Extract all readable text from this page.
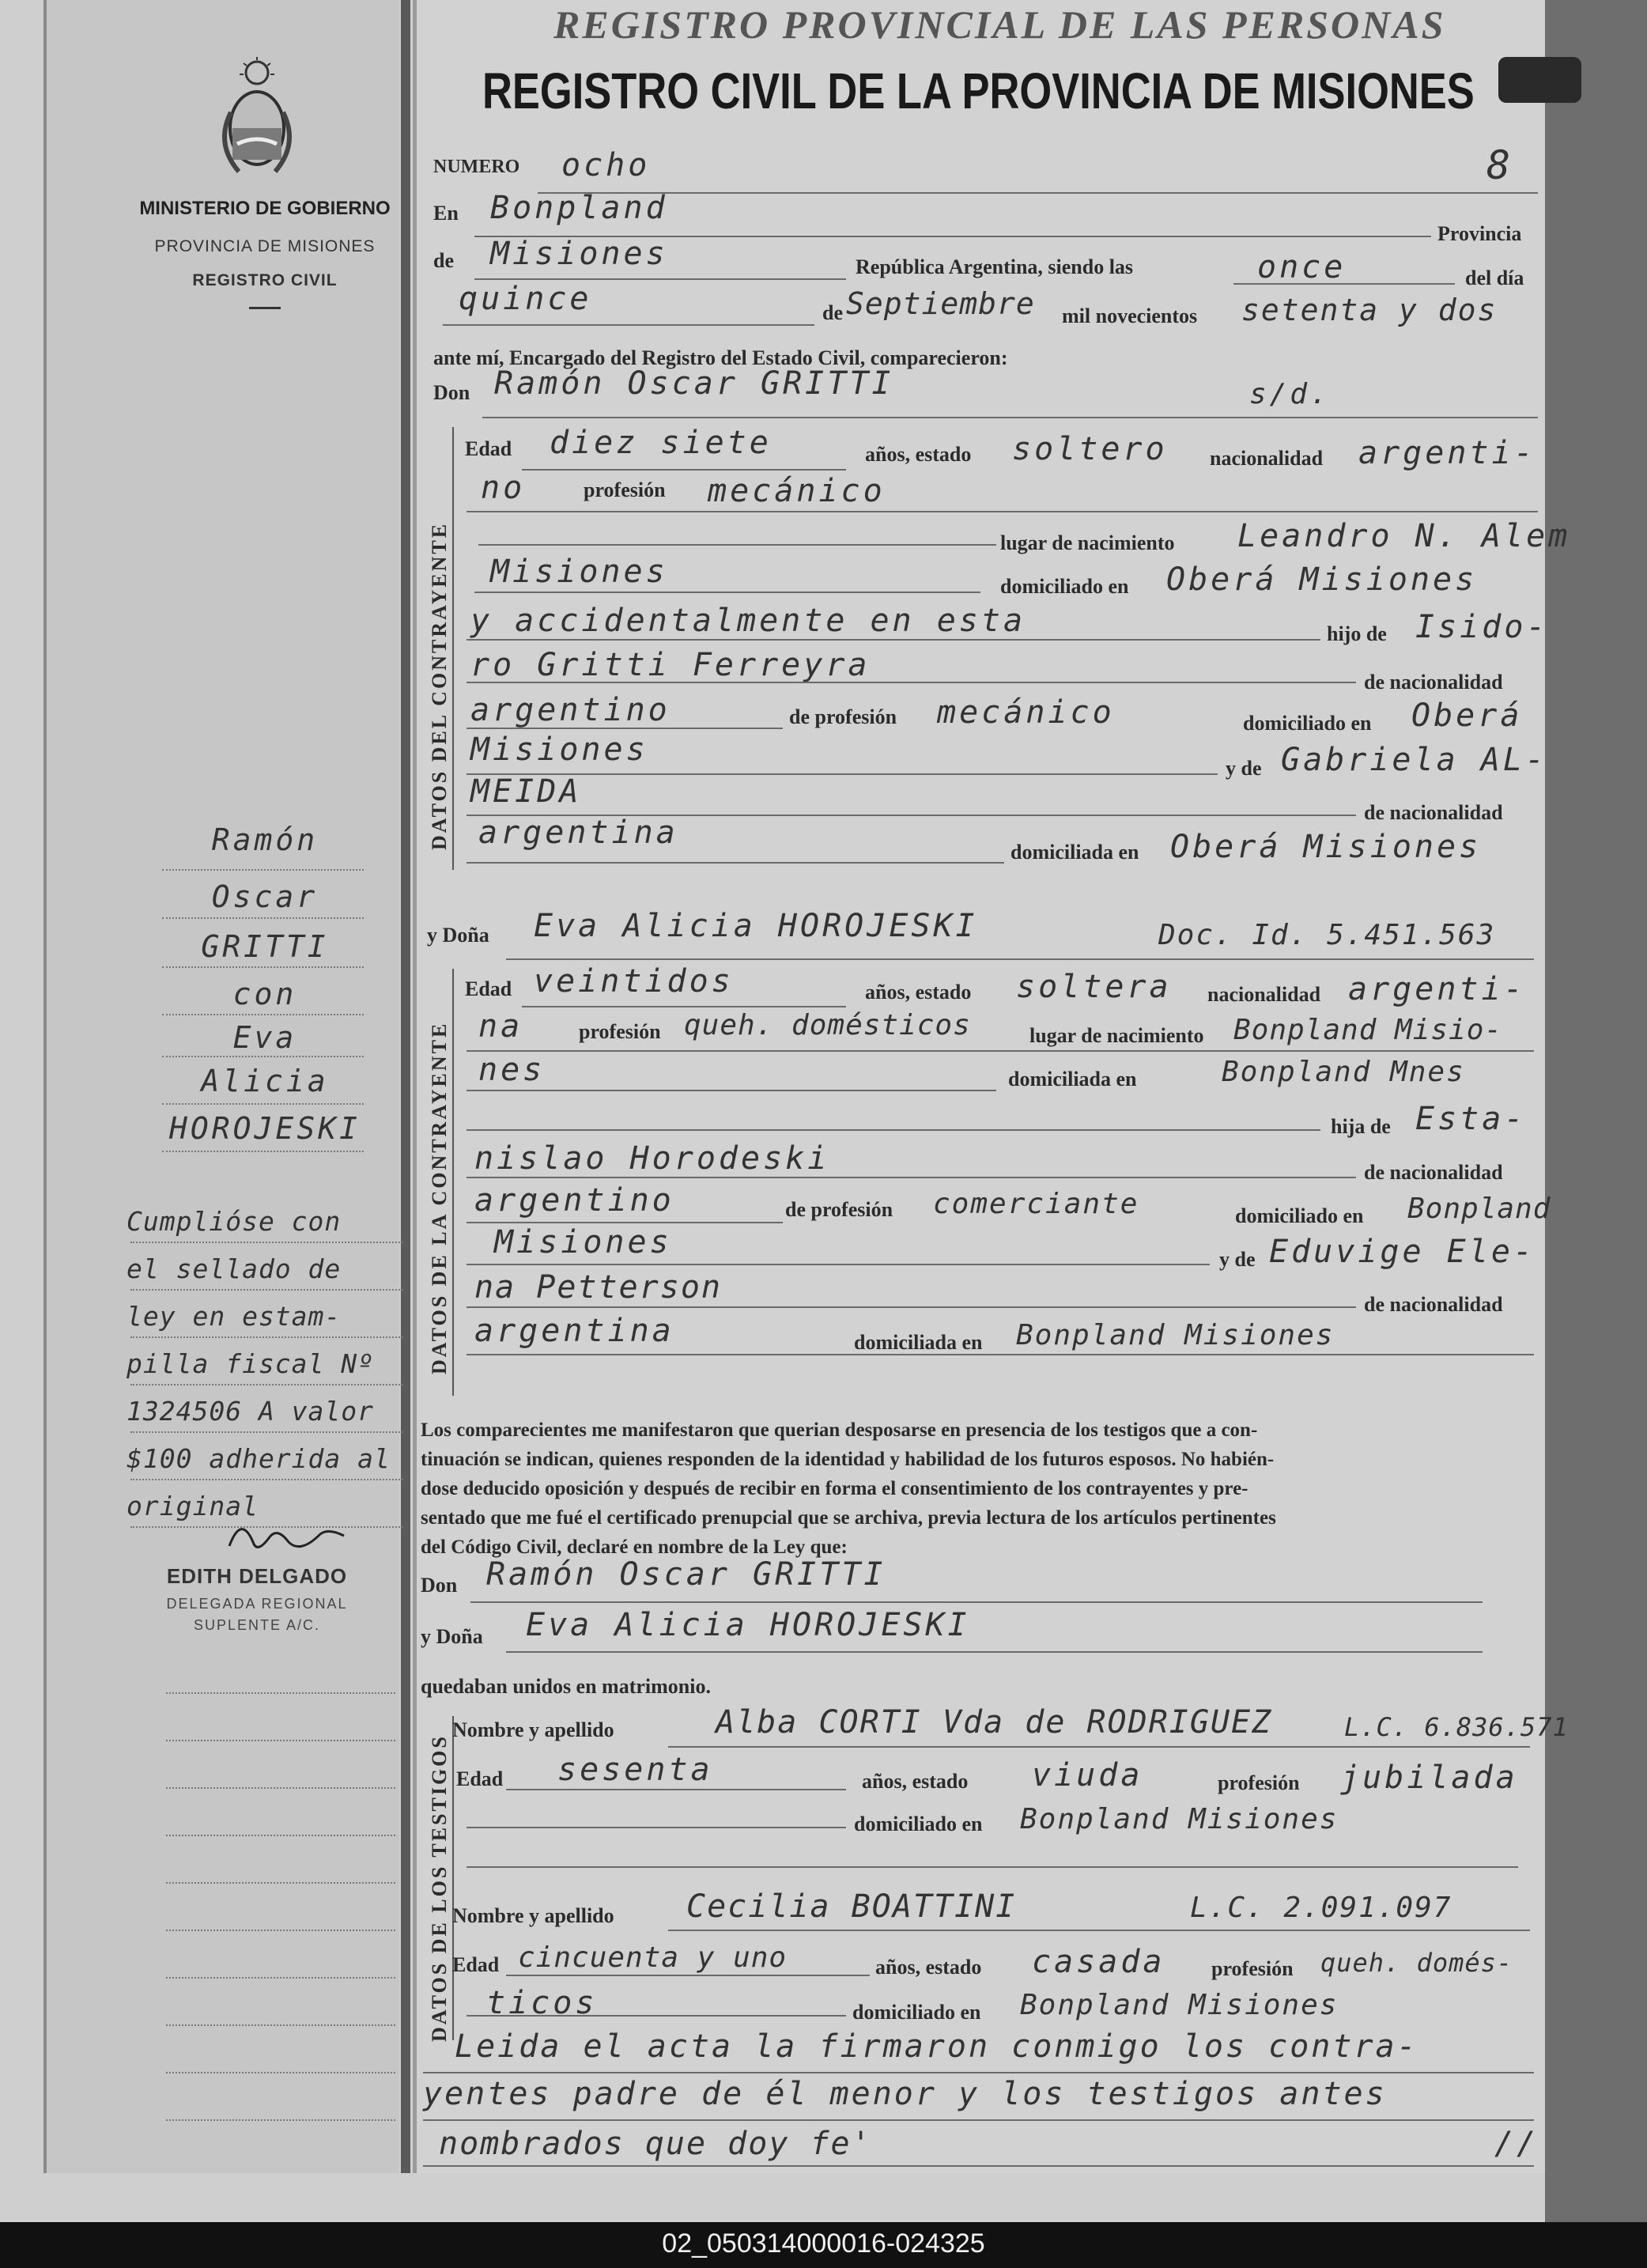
MINISTERIO DE GOBIERNO
PROVINCIA DE MISIONES
REGISTRO CIVIL
Ramón
Oscar
GRITTI
con
Eva
Alicia
HOROJESKI
Cumplióse con
el sellado de
ley en estam-
pilla fiscal Nº
1324506 A valor
$100 adherida al
original
EDITH DELGADO
DELEGADA REGIONAL
SUPLENTE A/C.
REGISTRO PROVINCIAL DE LAS PERSONAS
REGISTRO CIVIL DE LA PROVINCIA DE MISIONES
NUMERO ocho	8
En Bonpland
Provincia
de Misiones	República Argentina, siendo las	once	del día
quince	de Septiembre mil novecientos setenta y dos
ante mí, Encargado del Registro del Estado Civil, comparecieron:
Don Ramón Oscar GRITTI	s/d.
DATOS DEL CONTRAYENTE
Edad diez siete	años, estado soltero nacionalidad argenti-
no	profesión mecánico
lugar de nacimiento Leandro N. Alem
Misiones	domiciliado en Oberá Misiones
y accidentalmente en esta	hijo de Isido-
ro Gritti Ferreyra	de nacionalidad
argentino	de profesión mecánico	domiciliado en Oberá
Misiones
y de Gabriela AL-
MEIDA
de nacionalidad
argentina
domiciliada en Oberá Misiones
y Doña Eva Alicia HOROJESKI	Doc. Id. 5.451.563
DATOS DE LA CONTRAYENTE
Edad veintidos	años, estado soltera nacionalidad argenti-
na	profesión queh. domésticos	lugar de nacimiento Bonpland Misio-
nes	domiciliada en	Bonpland Mnes
hija de Esta-
nislao Horodeski	de nacionalidad
argentino	de profesión comerciante	domiciliado en Bonpland
Misiones	y de Eduvige Ele-
na Petterson	de nacionalidad
argentina	domiciliada en Bonpland Misiones
Los comparecientes me manifestaron que querian desposarse en presencia de los testigos que a con-
tinuación se indican, quienes responden de la identidad y habilidad de los futuros esposos. No habién-
dose deducido oposición y después de recibir en forma el consentimiento de los contrayentes y pre-
sentado que me fué el certificado prenupcial que se archiva, previa lectura de los artículos pertinentes
del Código Civil, declaré en nombre de la Ley que:
Don Ramón Oscar GRITTI
y Doña Eva Alicia HOROJESKI
quedaban unidos en matrimonio.
DATOS DE LOS TESTIGOS
Nombre y apellido	Alba CORTI Vda de RODRIGUEZ	L.C. 6.836.571
Edad sesenta	años, estado viuda	profesión jubilada
domiciliado en Bonpland Misiones
Nombre y apellido Cecilia BOATTINI	L.C. 2.091.097
Edad cincuenta y uno	años, estado casada profesión queh. domés-
ticos	domiciliado en Bonpland Misiones
Leida el acta la firmaron conmigo los contra-
yentes padre de él menor y los testigos antes
nombrados que doy fe'	//
02_050314000016-024325
